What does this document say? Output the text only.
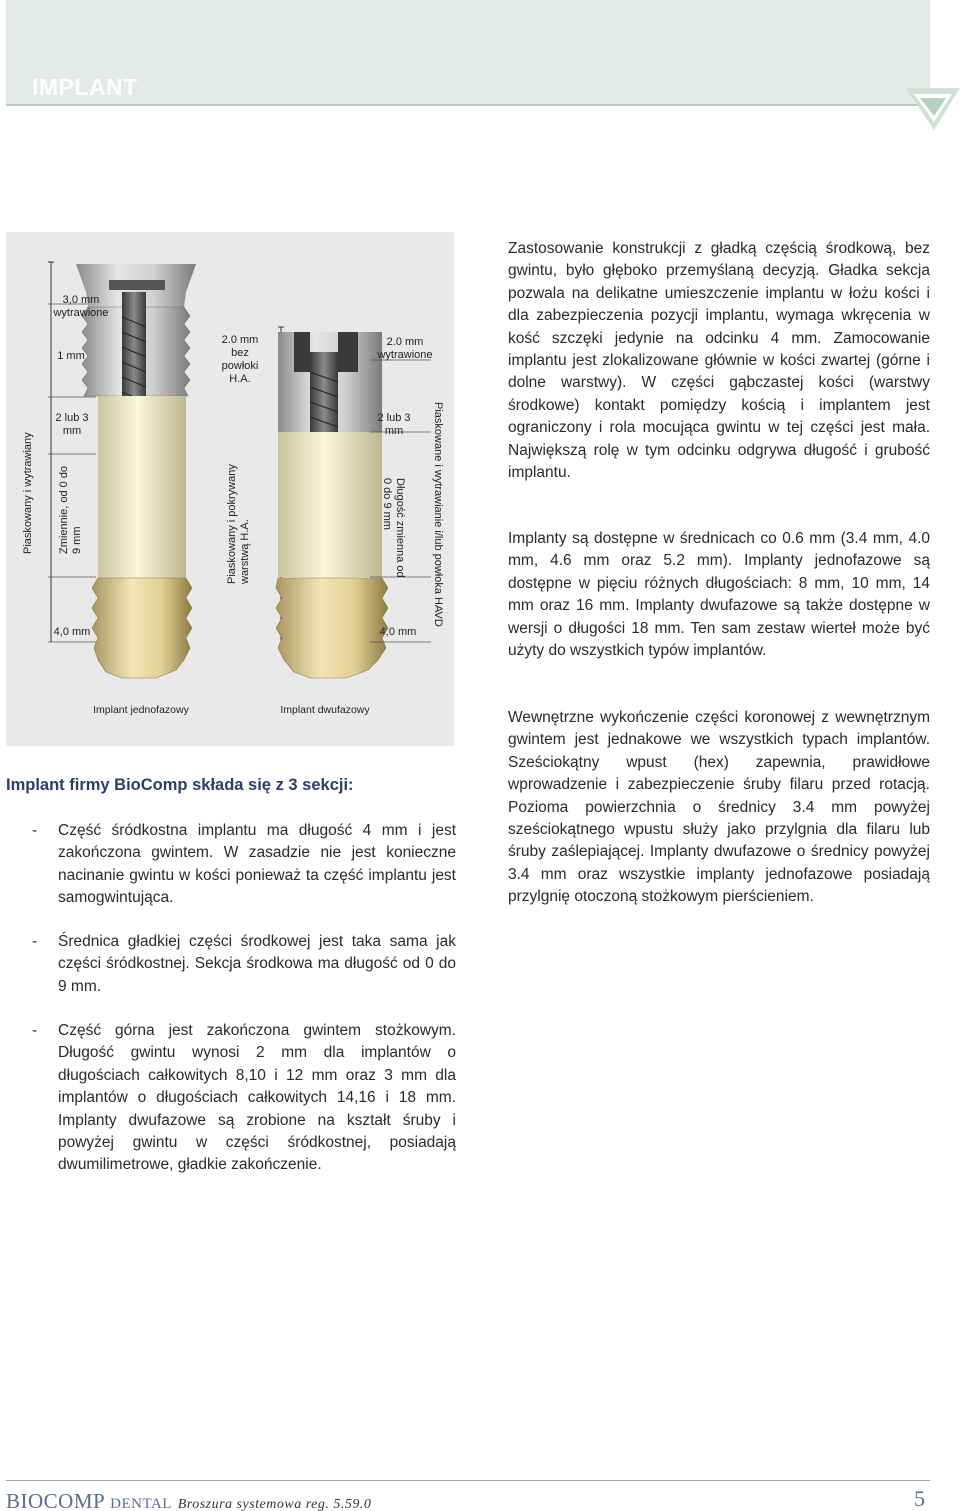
IMPLANT
Piaskowany i wytrawiany Zmiennie, od 0 do 9 mm
3,0 mm wytrawione
1 mm
2 lub 3 mm
4,0 mm
2.0 mm bez powłoki H.A.
Piaskowany i pokrywany warstwą H.A.
2.0 mm wytrawione
2 lub 3 mm
Długość zmienna od 0 do 9 mm
4,0 mm
Piaskowane i wytrawianie i/lub powłoka HAVD
Implant jednofazowy	Implant dwufazowy
Zastosowanie konstrukcji z gładką częścią środkową, bez gwintu, było głęboko przemyślaną decyzją. Gładka sekcja pozwala na delikatne umieszczenie implantu w łożu kości i dla zabezpieczenia pozycji implantu, wymaga wkręcenia w kość szczęki jedynie na odcinku 4 mm. Zamocowanie implantu jest zlokalizowane głównie w kości zwartej (górne i dolne warstwy). W części gąbczastej kości (warstwy środkowe) kontakt pomiędzy kością i implantem jest ograniczony i rola mocująca gwintu w tej części jest mała. Największą rolę w tym odcinku odgrywa długość i grubość implantu.
Implanty są dostępne w średnicach co 0.6 mm (3.4 mm, 4.0 mm, 4.6 mm oraz 5.2 mm). Implanty jednofazowe są dostępne w pięciu różnych długościach: 8 mm, 10 mm, 14 mm oraz 16 mm. Implanty dwufazowe są także dostępne w wersji o długości 18 mm. Ten sam zestaw wierteł może być użyty do wszystkich typów implantów.
Wewnętrzne wykończenie części koronowej z wewnętrznym gwintem jest jednakowe we wszystkich typach implantów. Sześciokątny wpust (hex) zapewnia, prawidłowe wprowadzenie i zabezpieczenie śruby filaru przed rotacją. Pozioma powierzchnia o średnicy 3.4 mm powyżej sześciokątnego wpustu służy jako przylgnia dla filaru lub śruby zaślepiającej. Implanty dwufazowe o średnicy powyżej 3.4 mm oraz wszystkie implanty jednofazowe posiadają przylgnię otoczoną stożkowym pierścieniem.
Implant firmy BioComp składa się z 3 sekcji:
- Część śródkostna implantu ma długość 4 mm i jest zakończona gwintem. W zasadzie nie jest konieczne nacinanie gwintu w kości ponieważ ta część implantu jest samogwintująca.
- Średnica gładkiej części środkowej jest taka sama jak części śródkostnej. Sekcja środkowa ma długość od 0 do 9 mm.
- Część górna jest zakończona gwintem stożkowym. Długość gwintu wynosi 2 mm dla implantów o długościach całkowitych 8,10 i 12 mm oraz 3 mm dla implantów o długościach całkowitych 14,16 i 18 mm. Implanty dwufazowe są zrobione na kształt śruby i powyżej gwintu w części śródkostnej, posiadają dwumilimetrowe, gładkie zakończenie.
BIOCOMP DENTAL Broszura systemowa reg. 5.59.0	5
